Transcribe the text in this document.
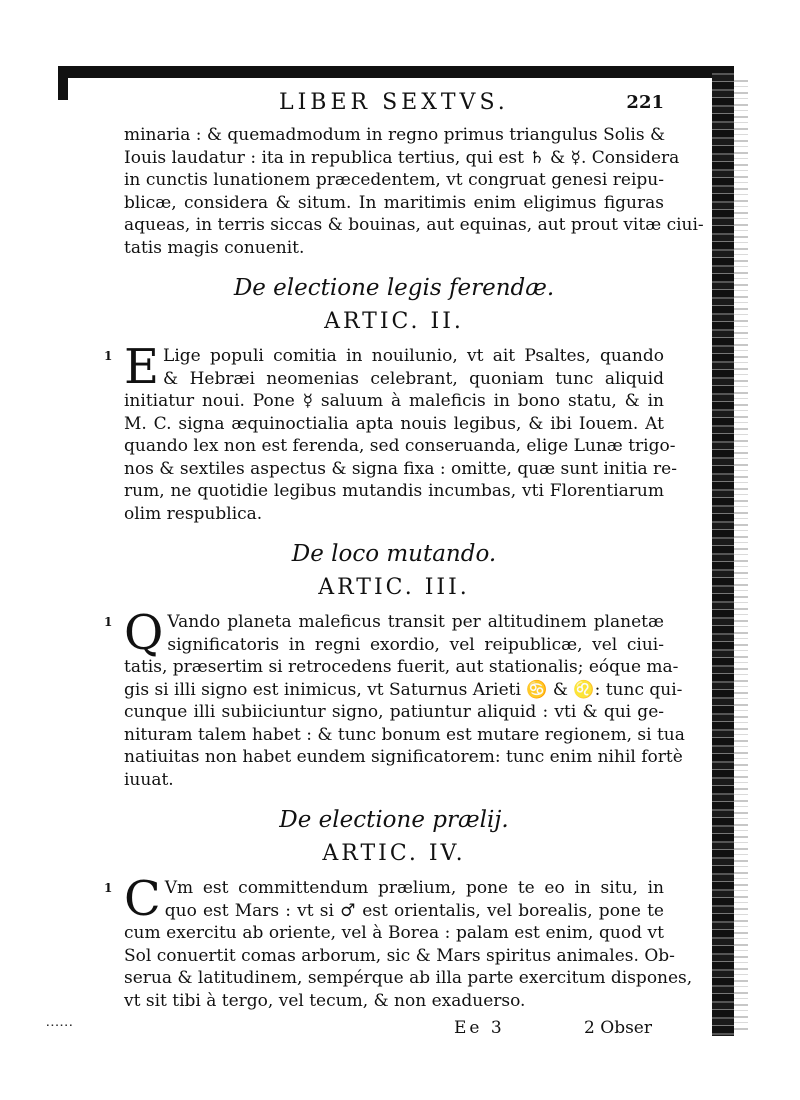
▪▪▪▪▪▪
LIBER SEXTVS.	221
minaria : & quemadmodum in regno primus triangulus Solis &
Iouis laudatur : ita in republica tertius, qui est ♄ & ☿. Considera
in cunctis lunationem præcedentem, vt congruat genesi reipu-
blicæ, considera & situm. In maritimis enim eligimus figuras
aqueas, in terris siccas & bouinas, aut equinas, aut prout vitæ ciui-
tatis magis conuenit.
De electione legis ferendæ.
ARTIC. II.
1 E Lige populi comitia in nouilunio, vt ait Psaltes, quando
& Hebræi neomenias celebrant, quoniam tunc aliquid
initiatur noui. Pone ☿ saluum à maleficis in bono statu, & in
M. C. signa æquinoctialia apta nouis legibus, & ibi Iouem. At
quando lex non est ferenda, sed conseruanda, elige Lunæ trigo-
nos & sextiles aspectus & signa fixa : omitte, quæ sunt initia re-
rum, ne quotidie legibus mutandis incumbas, vti Florentiarum
olim respublica.
De loco mutando.
ARTIC. III.
1 Q Vando planeta maleficus transit per altitudinem planetæ
significatoris in regni exordio, vel reipublicæ, vel ciui-
tatis, præsertim si retrocedens fuerit, aut stationalis; eóque ma-
gis si illi signo est inimicus, vt Saturnus Arieti ♋ & ♌: tunc qui-
cunque illi subiiciuntur signo, patiuntur aliquid : vti & qui ge-
nituram talem habet : & tunc bonum est mutare regionem, si tua
natiuitas non habet eundem significatorem: tunc enim nihil fortè
iuuat.
De electione prælij.
ARTIC. IV.
1 C Vm est committendum prælium, pone te eo in situ, in
quo est Mars : vt si ♂ est orientalis, vel borealis, pone te
cum exercitu ab oriente, vel à Borea : palam est enim, quod vt
Sol conuertit comas arborum, sic & Mars spiritus animales. Ob-
serua & latitudinem, sempérque ab illa parte exercitum dispones,
vt sit tibi à tergo, vel tecum, & non exaduerso.
Ee 3	2 Obser
